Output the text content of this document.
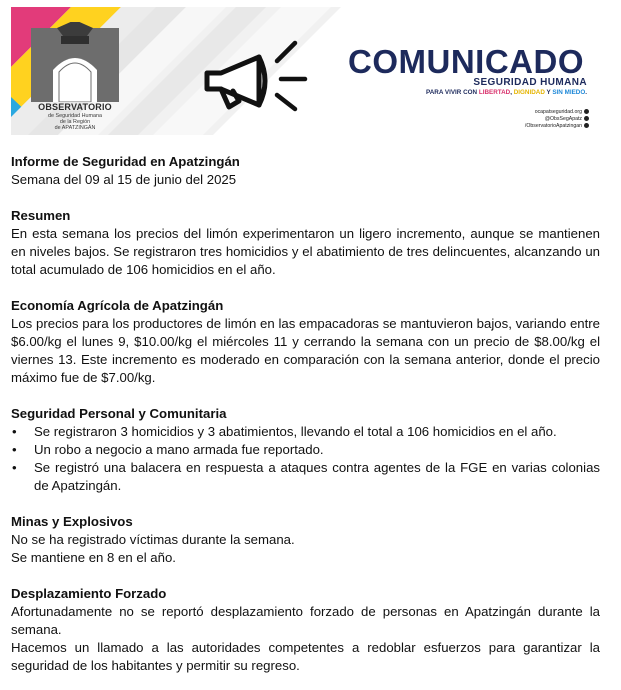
OBSERVATORIO
de Seguridad Humana
de la Región
de APATZINGÁN
COMUNICADO
SEGURIDAD HUMANA
PARA VIVIR CON LIBERTAD, DIGNIDAD Y SIN MIEDO.
ocapatseguridad.org
@ObsSegApatz
/ObservatorioApatzingan
Informe de Seguridad en Apatzingán
Semana del 09 al 15 de junio del 2025
Resumen
En esta semana los precios del limón experimentaron un ligero incremento, aunque se mantienen en niveles bajos. Se registraron tres homicidios y el abatimiento de tres delincuentes, alcanzando un total acumulado de 106 homicidios en el año.
Economía Agrícola de Apatzingán
Los precios para los productores de limón en las empacadoras se mantuvieron bajos, variando entre $6.00/kg el lunes 9, $10.00/kg el miércoles 11 y cerrando la semana con un precio de $8.00/kg el viernes 13. Este incremento es moderado en comparación con la semana anterior, donde el precio máximo fue de $7.00/kg.
Seguridad Personal y Comunitaria
• Se registraron 3 homicidios y 3 abatimientos, llevando el total a 106 homicidios en el año.
• Un robo a negocio a mano armada fue reportado.
• Se registró una balacera en respuesta a ataques contra agentes de la FGE en varias colonias de Apatzingán.
Minas y Explosivos
No se ha registrado víctimas durante la semana.
Se mantiene en 8 en el año.
Desplazamiento Forzado
Afortunadamente no se reportó desplazamiento forzado de personas en Apatzingán durante la semana.
Hacemos un llamado a las autoridades competentes a redoblar esfuerzos para garantizar la seguridad de los habitantes y permitir su regreso.
